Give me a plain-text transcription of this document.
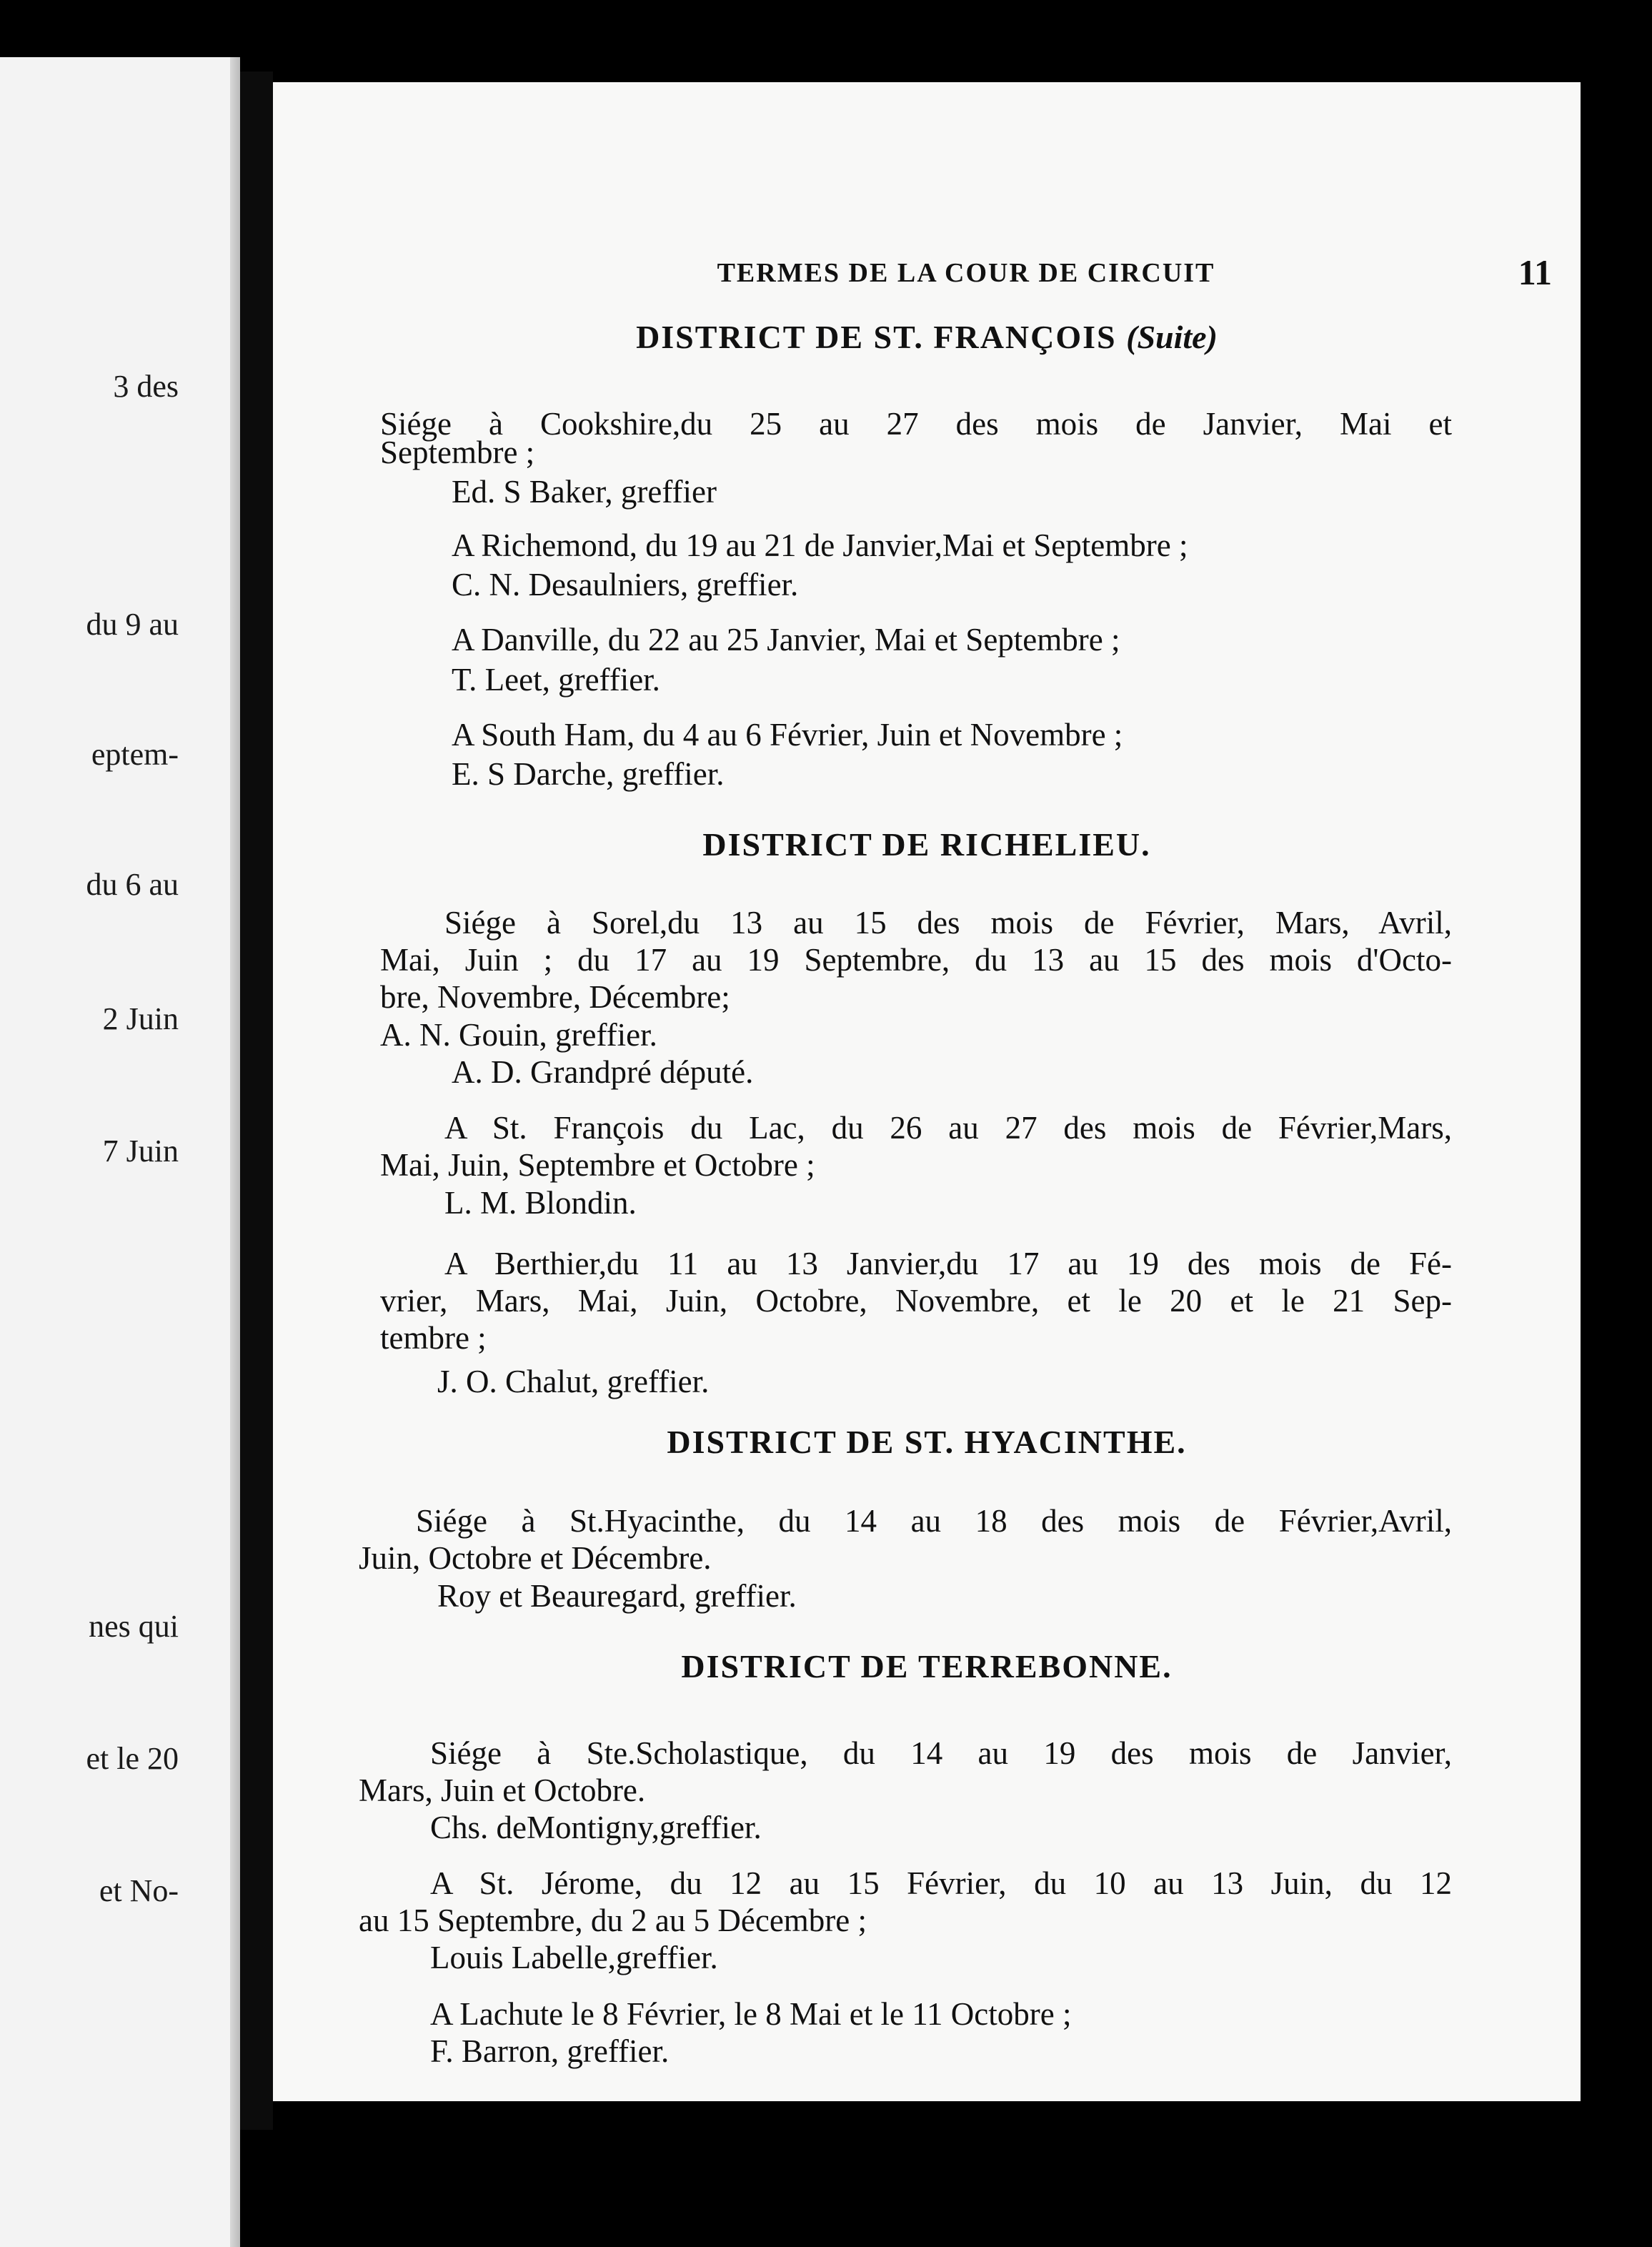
3 des
du 9 au
eptem-
du 6 au
2 Juin
7 Juin
nes qui
et le 20
et No-
TERMES DE LA COUR DE CIRCUIT	11
DISTRICT DE ST. FRANÇOIS (Suite)
Siége à Cookshire,du 25 au 27 des mois de Janvier, Mai et
Septembre ;
Ed. S Baker, greffier
A Richemond, du 19 au 21 de Janvier,Mai et Septembre ;
C. N. Desaulniers, greffier.
A Danville, du 22 au 25 Janvier, Mai et Septembre ;
T. Leet, greffier.
A South Ham, du 4 au 6 Février, Juin et Novembre ;
E. S Darche, greffier.
DISTRICT DE RICHELIEU.
Siége à Sorel,du 13 au 15 des mois de Février, Mars, Avril,
Mai, Juin ; du 17 au 19 Septembre, du 13 au 15 des mois d'Octo-
bre, Novembre, Décembre;
A. N. Gouin, greffier.
A. D. Grandpré député.
A St. François du Lac, du 26 au 27 des mois de Février,Mars,
Mai, Juin, Septembre et Octobre ;
L. M. Blondin.
A Berthier,du 11 au 13 Janvier,du 17 au 19 des mois de Fé-
vrier, Mars, Mai, Juin, Octobre, Novembre, et le 20 et le 21 Sep-
tembre ;
J. O. Chalut, greffier.
DISTRICT DE ST. HYACINTHE.
Siége à St.Hyacinthe, du 14 au 18 des mois de Février,Avril,
Juin, Octobre et Décembre.
Roy et Beauregard, greffier.
DISTRICT DE TERREBONNE.
Siége à Ste.Scholastique, du 14 au 19 des mois de Janvier,
Mars, Juin et Octobre.
Chs. deMontigny,greffier.
A St. Jérome, du 12 au 15 Février, du 10 au 13 Juin, du 12
au 15 Septembre, du 2 au 5 Décembre ;
Louis Labelle,greffier.
A Lachute le 8 Février, le 8 Mai et le 11 Octobre ;
F. Barron, greffier.
